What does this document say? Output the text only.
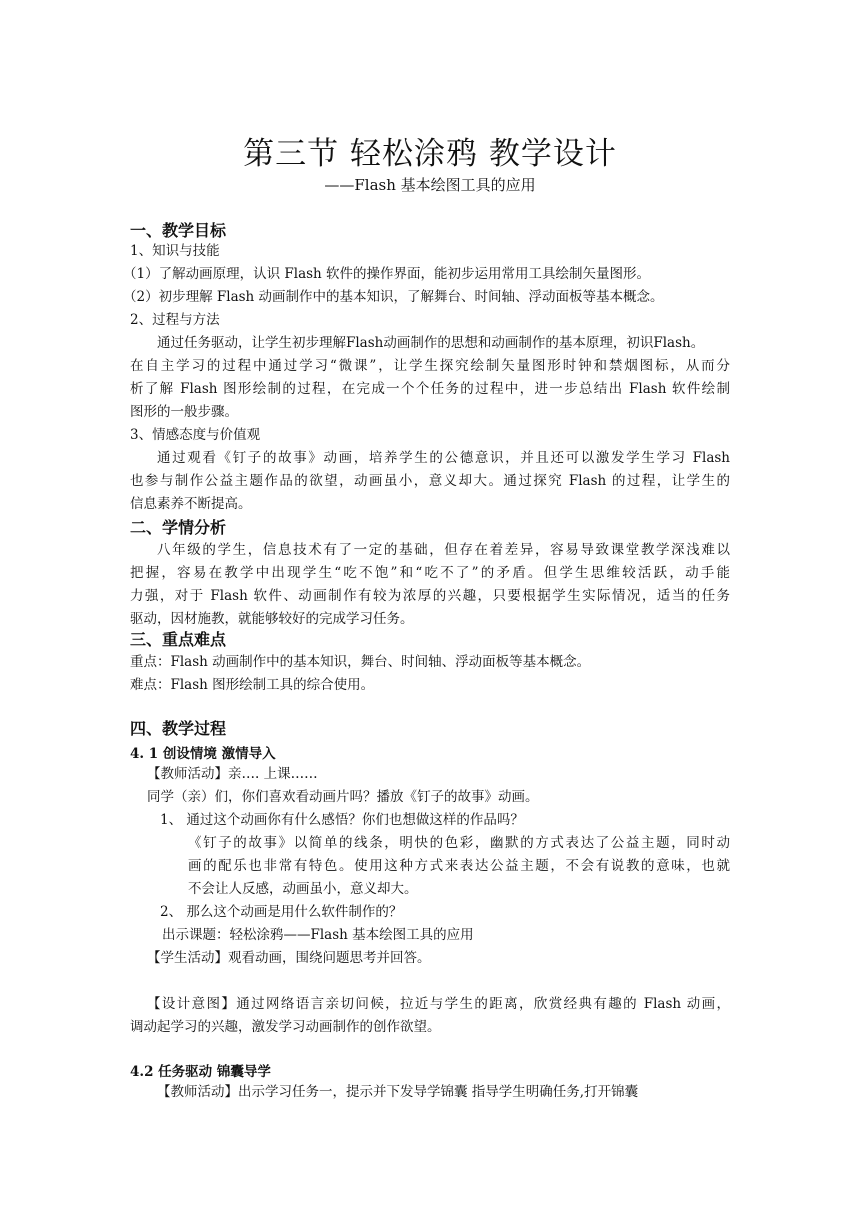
第三节 轻松涂鸦 教学设计
——Flash 基本绘图工具的应用
一、教学目标
1、知识与技能
（1）了解动画原理，认识 Flash 软件的操作界面，能初步运用常用工具绘制矢量图形。
（2）初步理解 Flash 动画制作中的基本知识，了解舞台、时间轴、浮动面板等基本概念。
2、过程与方法
通过任务驱动，让学生初步理解Flash动画制作的思想和动画制作的基本原理，初识Flash。
在自主学习的过程中通过学习“微课”，让学生探究绘制矢量图形时钟和禁烟图标，从而分
析了解 Flash 图形绘制的过程，在完成一个个任务的过程中，进一步总结出 Flash 软件绘制
图形的一般步骤。
3、情感态度与价值观
通过观看《钉子的故事》动画，培养学生的公德意识，并且还可以激发学生学习 Flash
也参与制作公益主题作品的欲望，动画虽小，意义却大。通过探究 Flash 的过程，让学生的
信息素养不断提高。
二、学情分析
八年级的学生，信息技术有了一定的基础，但存在着差异，容易导致课堂教学深浅难以
把握，容易在教学中出现学生“吃不饱”和“吃不了”的矛盾。但学生思维较活跃，动手能
力强，对于 Flash 软件、动画制作有较为浓厚的兴趣，只要根据学生实际情况，适当的任务
驱动，因材施教，就能够较好的完成学习任务。
三、重点难点
重点：Flash 动画制作中的基本知识，舞台、时间轴、浮动面板等基本概念。
难点：Flash 图形绘制工具的综合使用。
四、教学过程
4. 1 创设情境 激情导入
【教师活动】亲…. 上课……
同学（亲）们，你们喜欢看动画片吗？播放《钉子的故事》动画。
1、 通过这个动画你有什么感悟？你们也想做这样的作品吗？
《钉子的故事》以简单的线条，明快的色彩，幽默的方式表达了公益主题，同时动
画的配乐也非常有特色。使用这种方式来表达公益主题，不会有说教的意味，也就
不会让人反感，动画虽小，意义却大。
2、 那么这个动画是用什么软件制作的？
出示课题：轻松涂鸦——Flash 基本绘图工具的应用
【学生活动】观看动画，围绕问题思考并回答。
【设计意图】通过网络语言亲切问候，拉近与学生的距离，欣赏经典有趣的 Flash 动画，
调动起学习的兴趣，激发学习动画制作的创作欲望。
4.2 任务驱动 锦囊导学
【教师活动】出示学习任务一，提示并下发导学锦囊 指导学生明确任务,打开锦囊
